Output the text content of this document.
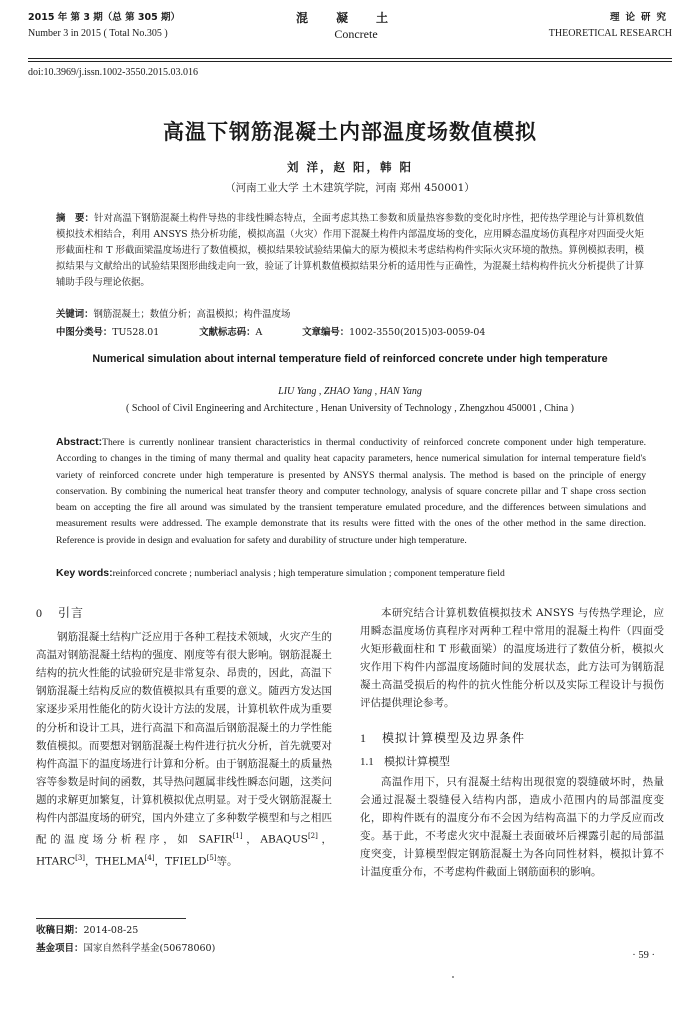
2015 年 第 3 期（总 第 305 期）
Number 3 in 2015 ( Total No.305 )
混凝土
Concrete
理论研究
THEORETICAL RESEARCH
doi:10.3969/j.issn.1002-3550.2015.03.016
高温下钢筋混凝土内部温度场数值模拟
刘 洋，赵 阳，韩 阳
（河南工业大学 土木建筑学院，河南 郑州 450001）
摘　要：针对高温下钢筋混凝土构件导热的非线性瞬态特点，全面考虑其热工参数和质量热容参数的变化时序性，把传热学理论与计算机数值模拟技术相结合，利用 ANSYS 热分析功能，模拟高温（火灾）作用下混凝土构件内部温度场的变化，应用瞬态温度场仿真程序对四面受火矩形截面柱和 T 形截面梁温度场进行了数值模拟，模拟结果较试验结果偏大的原为模拟未考虑结构构件实际火灾环境的散热。算例模拟表明，模拟结果与文献给出的试验结果图形曲线走向一致，验证了计算机数值模拟结果分析的适用性与正确性，为混凝土结构构件抗火分析提供了计算辅助手段与理论依据。
关键词：钢筋混凝土；数值分析；高温模拟；构件温度场
中图分类号：TU528.01	文献标志码：A	文章编号：1002-3550(2015)03-0059-04
Numerical simulation about internal temperature field of reinforced concrete under high temperature
LIU Yang , ZHAO Yang , HAN Yang
( School of Civil Engineering and Architecture , Henan University of Technology , Zhengzhou 450001 , China )
Abstract:There is currently nonlinear transient characteristics in thermal conductivity of reinforced concrete component under high temperature. According to changes in the timing of many thermal and quality heat capacity parameters, hence numerical simulation for internal temperature field's variety of reinforced concrete under high temperature is presented by ANSYS thermal analysis. The method is based on the principle of energy conservation. By combining the numerical heat transfer theory and computer technology, analysis of square concrete pillar and T shape cross section beam on accepting the fire all around was simulated by the transient temperature emulated procedure, and the differences between simulations and measurement results were addressed. The example demonstrate that its results were fitted with the ones of the other method in the same direction. Reference is provide in design and evaluation for safety and durability of structure under high temperature.
Key words:reinforced concrete ; numberiacl analysis ; high temperature simulation ; component temperature field
0 引言

钢筋混凝土结构广泛应用于各种工程技术领域，火灾产生的高温对钢筋混凝土结构的强度、刚度等有很大影响。钢筋混凝土结构的抗火性能的试验研究是非常复杂、昂贵的，因此，高温下钢筋混凝土结构反应的数值模拟具有重要的意义。随西方发达国家逐步采用性能化的防火设计方法的发展，计算机软件成为重要的分析和设计工具，进行高温下和高温后钢筋混凝土的力学性能数值模拟。而要想对钢筋混凝土构件进行抗火分析，首先就要对构件高温下的温度场进行计算和分析。由于钢筋混凝土的质量热容等参数是时间的函数，其导热问题属非线性瞬态问题，这类问题的求解更加繁复，计算机模拟优点明显。对于受火钢筋混凝土构件内部温度场的研究，国内外建立了多种数学模型和与之相匹配的温度场分析程序，如 SAFIR[1]，ABAQUS[2]，HTARC[3]，THELMA[4]，TFIELD[5]等。

本研究结合计算机数值模拟技术 ANSYS 与传热学理论，应用瞬态温度场仿真程序对两种工程中常用的混凝土构件（四面受火矩形截面柱和 T 形截面梁）的温度场进行了数值分析，模拟火灾作用下构件内部温度场随时间的发展状态，此方法可为钢筋混凝土高温受损后的构件的抗火性能分析以及实际工程设计与损伤评估提供理论参考。

1 模拟计算模型及边界条件
1.1 模拟计算模型

高温作用下，只有混凝土结构出现很宽的裂缝破坏时，热量会通过混凝土裂缝侵入结构内部，造成小范围内的局部温度变化，即构件既有的温度分布不会因为结构高温下的力学反应而改变。基于此，不考虑火灾中混凝土表面破坏后裸露引起的局部温度突变，计算模型假定钢筋混凝土为各向同性材料，模拟计算不计温度重分布，不考虑构件截面上钢筋面积的影响。

收稿日期：2014-08-25
基金项目：国家自然科学基金(50678060)
· 59 ·
